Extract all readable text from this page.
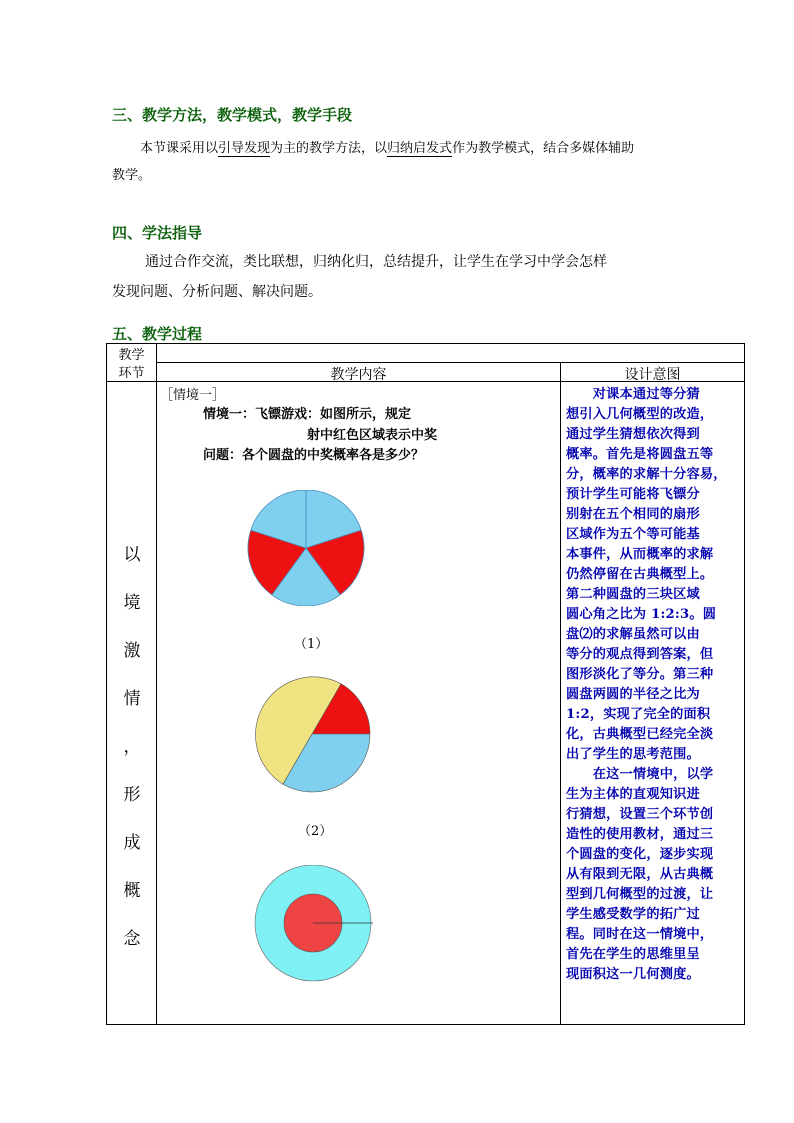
三、教学方法，教学模式，教学手段
本节课采用以引导发现为主的教学方法，以归纳启发式作为教学模式，结合多媒体辅助
教学。
四、学法指导
通过合作交流，类比联想，归纳化归，总结提升，让学生在学习中学会怎样
发现问题、分析问题、解决问题。
五、教学过程
教学
环节	教学内容	设计意图
以
境
激
情
，
形
成
概
念
［情境一］
情境一：飞镖游戏：如图所示，规定
射中红色区域表示中奖
问题：各个圆盘的中奖概率各是多少？
（1）
（2）
　　对课本通过等分猜
想引入几何概型的改造，
通过学生猜想依次得到
概率。首先是将圆盘五等
分，概率的求解十分容易，
预计学生可能将飞镖分
别射在五个相同的扇形
区域作为五个等可能基
本事件，从而概率的求解
仍然停留在古典概型上。
第二种圆盘的三块区域
圆心角之比为 1:2:3。圆
盘⑵的求解虽然可以由
等分的观点得到答案，但
图形淡化了等分。第三种
圆盘两圆的半径之比为
1:2，实现了完全的面积
化，古典概型已经完全淡
出了学生的思考范围。
　　在这一情境中，以学
生为主体的直观知识进
行猜想，设置三个环节创
造性的使用教材，通过三
个圆盘的变化，逐步实现
从有限到无限，从古典概
型到几何概型的过渡，让
学生感受数学的拓广过
程。同时在这一情境中，
首先在学生的思维里呈
现面积这一几何测度。
